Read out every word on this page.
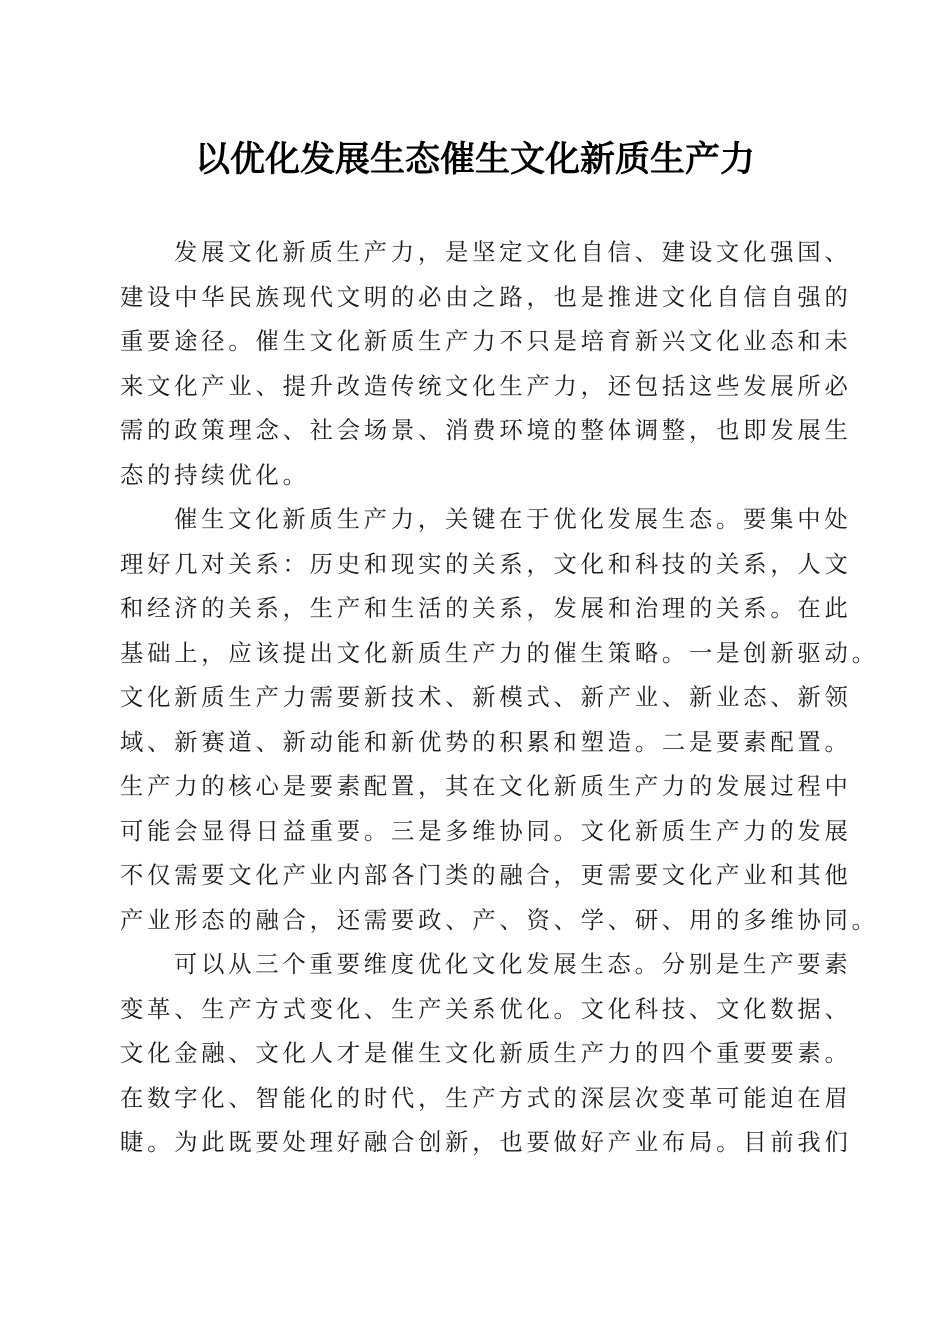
以优化发展生态催生文化新质生产力
发展文化新质生产力，是坚定文化自信、建设文化强国、
建设中华民族现代文明的必由之路，也是推进文化自信自强的
重要途径。催生文化新质生产力不只是培育新兴文化业态和未
来文化产业、提升改造传统文化生产力，还包括这些发展所必
需的政策理念、社会场景、消费环境的整体调整，也即发展生
态的持续优化。
催生文化新质生产力，关键在于优化发展生态。要集中处
理好几对关系：历史和现实的关系，文化和科技的关系，人文
和经济的关系，生产和生活的关系，发展和治理的关系。在此
基础上，应该提出文化新质生产力的催生策略。一是创新驱动。
文化新质生产力需要新技术、新模式、新产业、新业态、新领
域、新赛道、新动能和新优势的积累和塑造。二是要素配置。
生产力的核心是要素配置，其在文化新质生产力的发展过程中
可能会显得日益重要。三是多维协同。文化新质生产力的发展
不仅需要文化产业内部各门类的融合，更需要文化产业和其他
产业形态的融合，还需要政、产、资、学、研、用的多维协同。
可以从三个重要维度优化文化发展生态。分别是生产要素
变革、生产方式变化、生产关系优化。文化科技、文化数据、
文化金融、文化人才是催生文化新质生产力的四个重要要素。
在数字化、智能化的时代，生产方式的深层次变革可能迫在眉
睫。为此既要处理好融合创新，也要做好产业布局。目前我们
